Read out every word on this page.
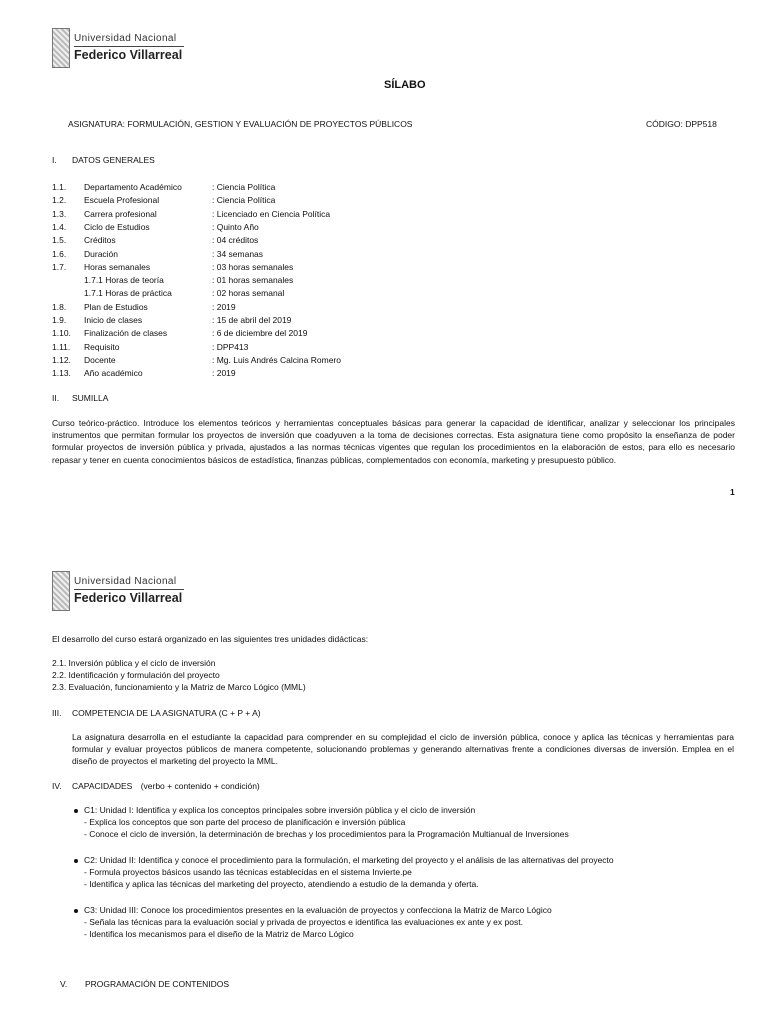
Universidad Nacional
Federico Villarreal
SÍLABO
ASIGNATURA: FORMULACIÓN, GESTION Y EVALUACIÓN DE PROYECTOS PÚBLICOS	CÓDIGO: DPP518
I. DATOS GENERALES
1.1. Departamento Académico	: Ciencia Política
1.2. Escuela Profesional	: Ciencia Política
1.3. Carrera profesional	: Licenciado en Ciencia Política
1.4. Ciclo de Estudios	: Quinto Año
1.5. Créditos	: 04 créditos
1.6. Duración	: 34 semanas
1.7. Horas semanales	: 03 horas semanales
1.7.1 Horas de teoría	: 01 horas semanales
1.7.1 Horas de práctica	: 02 horas semanal
1.8. Plan de Estudios	: 2019
1.9. Inicio de clases	: 15 de abril del 2019
1.10. Finalización de clases	: 6 de diciembre del 2019
1.11. Requisito	: DPP413
1.12. Docente	: Mg. Luis Andrés Calcina Romero
1.13. Año académico	: 2019
II. SUMILLA
Curso teórico-práctico. Introduce los elementos teóricos y herramientas conceptuales básicas para generar la capacidad de identificar, analizar y seleccionar los principales instrumentos que permitan formular los proyectos de inversión que coadyuven a la toma de decisiones correctas. Esta asignatura tiene como propósito la enseñanza de poder formular proyectos de inversión pública y privada, ajustados a las normas técnicas vigentes que regulan los procedimientos en la elaboración de estos, para ello es necesario repasar y tener en cuenta conocimientos básicos de estadística, finanzas públicas, complementados con economía, marketing y presupuesto público.
1
Universidad Nacional
Federico Villarreal
El desarrollo del curso estará organizado en las siguientes tres unidades didácticas:
2.1. Inversión pública y el ciclo de inversión
2.2. Identificación y formulación del proyecto
2.3. Evaluación, funcionamiento y la Matriz de Marco Lógico (MML)
III. COMPETENCIA DE LA ASIGNATURA (C + P + A)
La asignatura desarrolla en el estudiante la capacidad para comprender en su complejidad el ciclo de inversión pública, conoce y aplica las técnicas y herramientas para formular y evaluar proyectos públicos de manera competente, solucionando problemas y generando alternativas frente a condiciones diversas de inversión. Emplea en el diseño de proyectos el marketing del proyecto la MML.
IV. CAPACIDADES (verbo + contenido + condición)
C1: Unidad I: Identifica y explica los conceptos principales sobre inversión pública y el ciclo de inversión
- Explica los conceptos que son parte del proceso de planificación e inversión pública
- Conoce el ciclo de inversión, la determinación de brechas y los procedimientos para la Programación Multianual de Inversiones
C2: Unidad II: Identifica y conoce el procedimiento para la formulación, el marketing del proyecto y el análisis de las alternativas del proyecto
- Formula proyectos básicos usando las técnicas establecidas en el sistema Invierte.pe
- Identifica y aplica las técnicas del marketing del proyecto, atendiendo a estudio de la demanda y oferta.
C3: Unidad III: Conoce los procedimientos presentes en la evaluación de proyectos y confecciona la Matriz de Marco Lógico
- Señala las técnicas para la evaluación social y privada de proyectos e identifica las evaluaciones ex ante y ex post.
- Identifica los mecanismos para el diseño de la Matriz de Marco Lógico
V. PROGRAMACIÓN DE CONTENIDOS
